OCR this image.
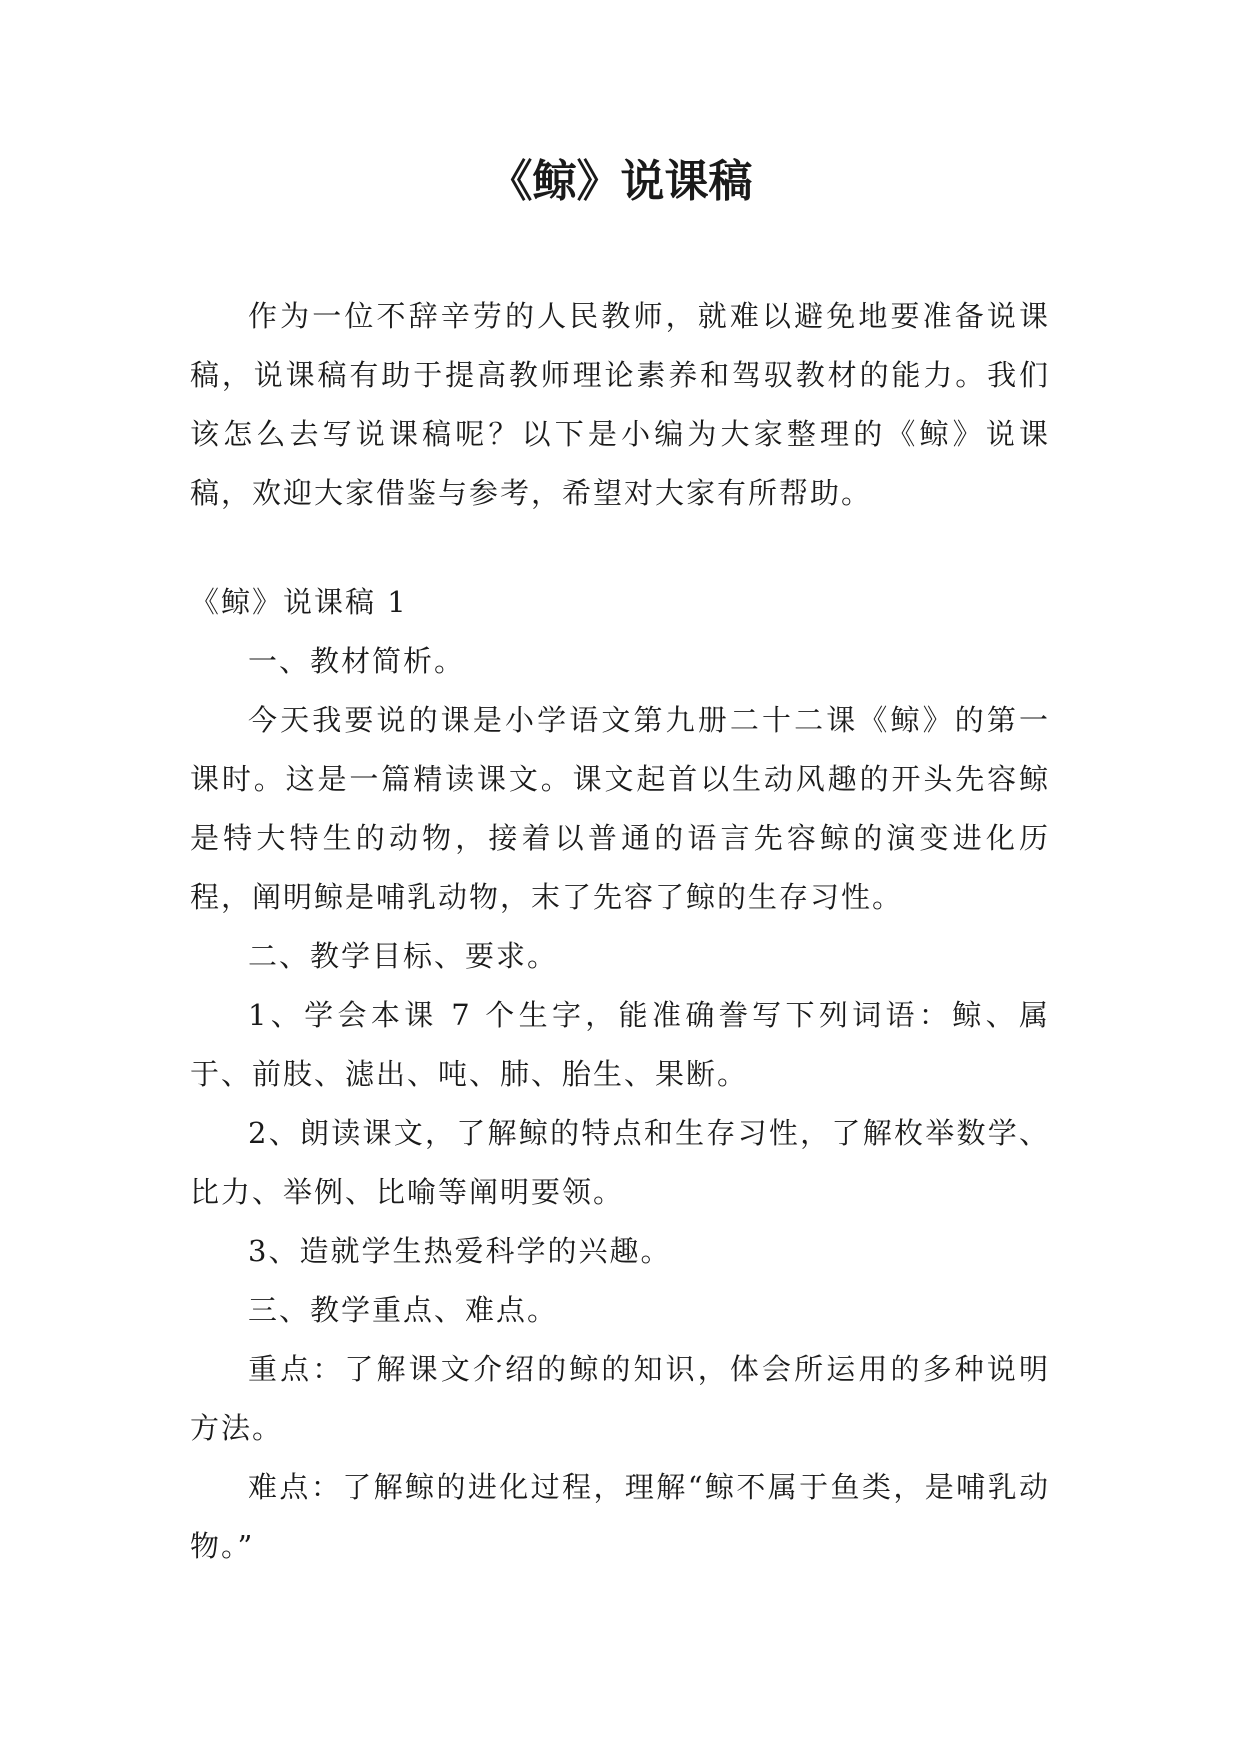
《鲸》说课稿

作为一位不辞辛劳的人民教师，就难以避免地要准备说课稿，说课稿有助于提高教师理论素养和驾驭教材的能力。我们该怎么去写说课稿呢？以下是小编为大家整理的《鲸》说课稿，欢迎大家借鉴与参考，希望对大家有所帮助。

《鲸》说课稿 1

一、教材简析。

今天我要说的课是小学语文第九册二十二课《鲸》的第一课时。这是一篇精读课文。课文起首以生动风趣的开头先容鲸是特大特生的动物，接着以普通的语言先容鲸的演变进化历程，阐明鲸是哺乳动物，末了先容了鲸的生存习性。

二、教学目标、要求。

1、学会本课 7 个生字，能准确誊写下列词语：鲸、属于、前肢、滤出、吨、肺、胎生、果断。

2、朗读课文，了解鲸的特点和生存习性，了解枚举数学、比力、举例、比喻等阐明要领。

3、造就学生热爱科学的兴趣。

三、教学重点、难点。

重点：了解课文介绍的鲸的知识，体会所运用的多种说明方法。

难点：了解鲸的进化过程，理解“鲸不属于鱼类，是哺乳动物。”
